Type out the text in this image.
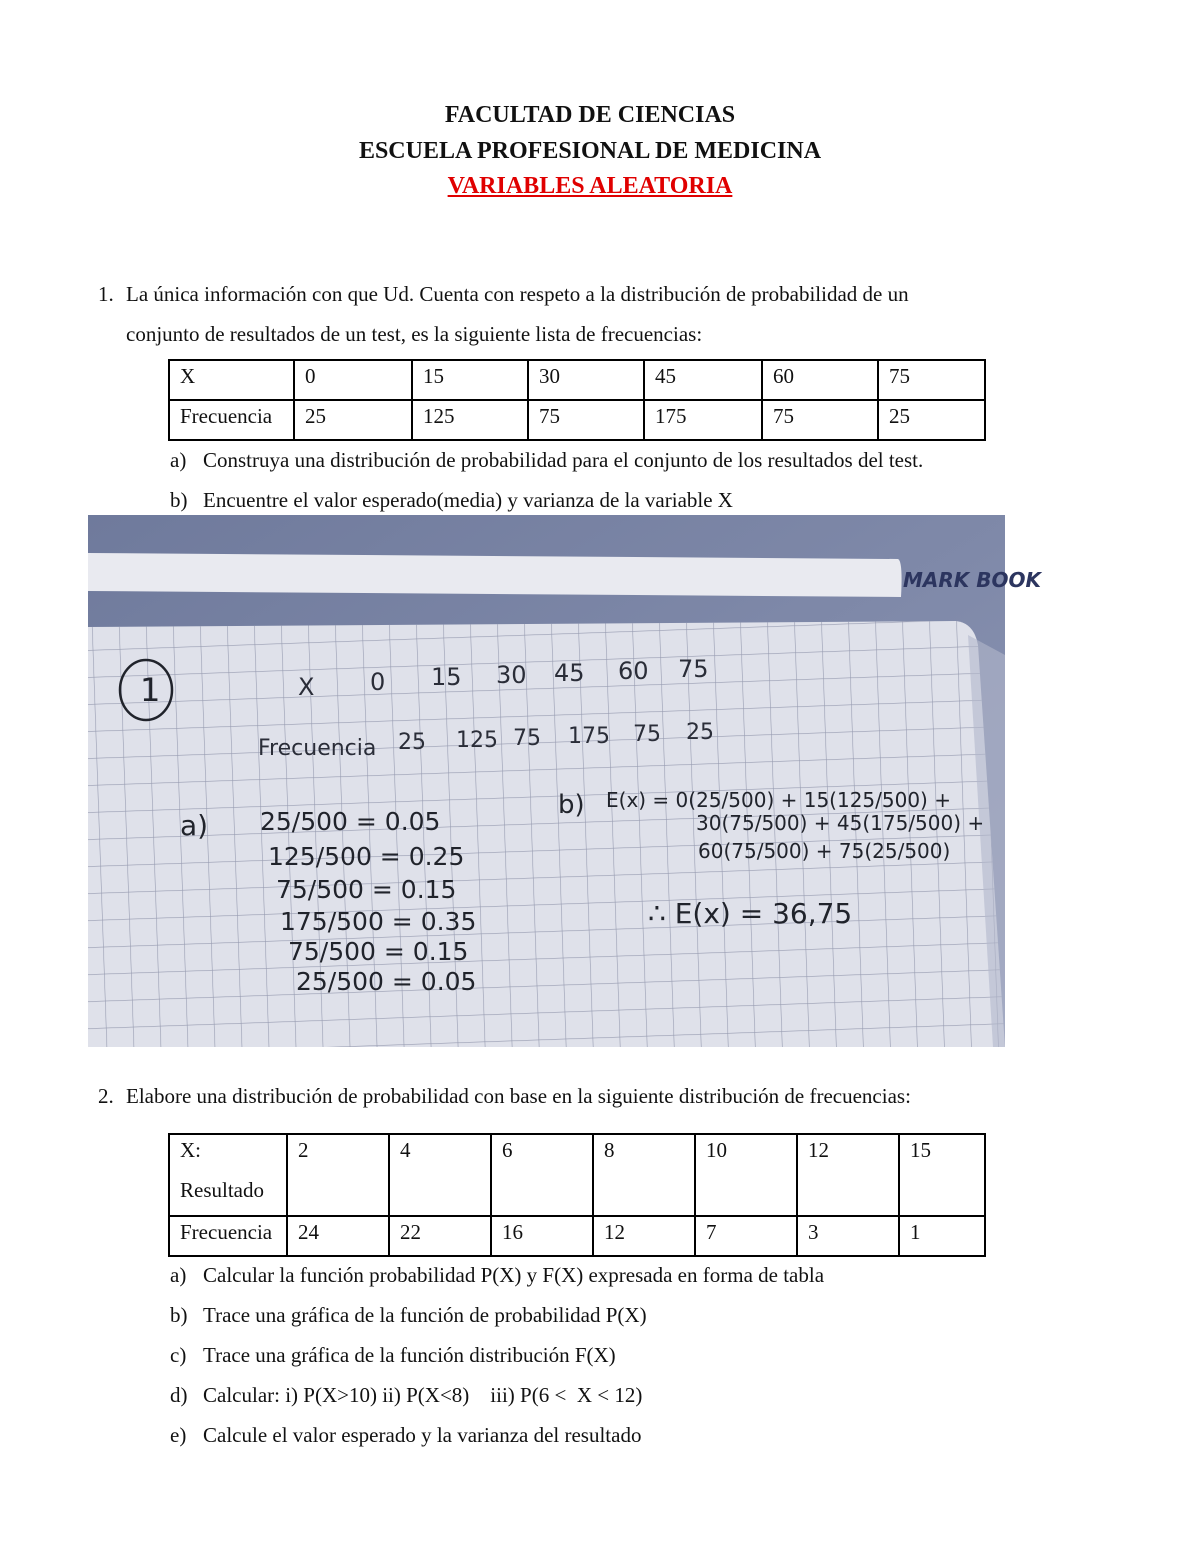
FACULTAD DE CIENCIAS
ESCUELA PROFESIONAL DE MEDICINA
VARIABLES ALEATORIA
1. La única información con que Ud. Cuenta con respeto a la distribución de probabilidad de un
conjunto de resultados de un test, es la siguiente lista de frecuencias:
X	0	15	30	45	60	75
Frecuencia	25	125	75	175	75	25
a) Construya una distribución de probabilidad para el conjunto de los resultados del test.
b) Encuentre el valor esperado(media) y varianza de la variable X
MARK BOOK
1	X 0 15 30 45 60 75
Frecuencia 25 125 75 175 75 25
a) 25/500 = 0.05
125/500 = 0.25
75/500 = 0.15
175/500 = 0.35
75/500 = 0.15
25/500 = 0.05
b) E(x) = 0(25/500) + 15(125/500) +
30(75/500) + 45(175/500) +
60(75/500) + 75(25/500)
∴ E(x) = 36,75
2. Elabore una distribución de probabilidad con base en la siguiente distribución de frecuencias:
X:
Resultado	2	4	6	8	10	12	15
Frecuencia	24	22	16	12	7	3	1
a) Calcular la función probabilidad P(X) y F(X) expresada en forma de tabla
b) Trace una gráfica de la función de probabilidad P(X)
c) Trace una gráfica de la función distribución F(X)
d) Calcular: i) P(X>10) ii) P(X<8)    iii) P(6 <  X < 12)
e) Calcule el valor esperado y la varianza del resultado
